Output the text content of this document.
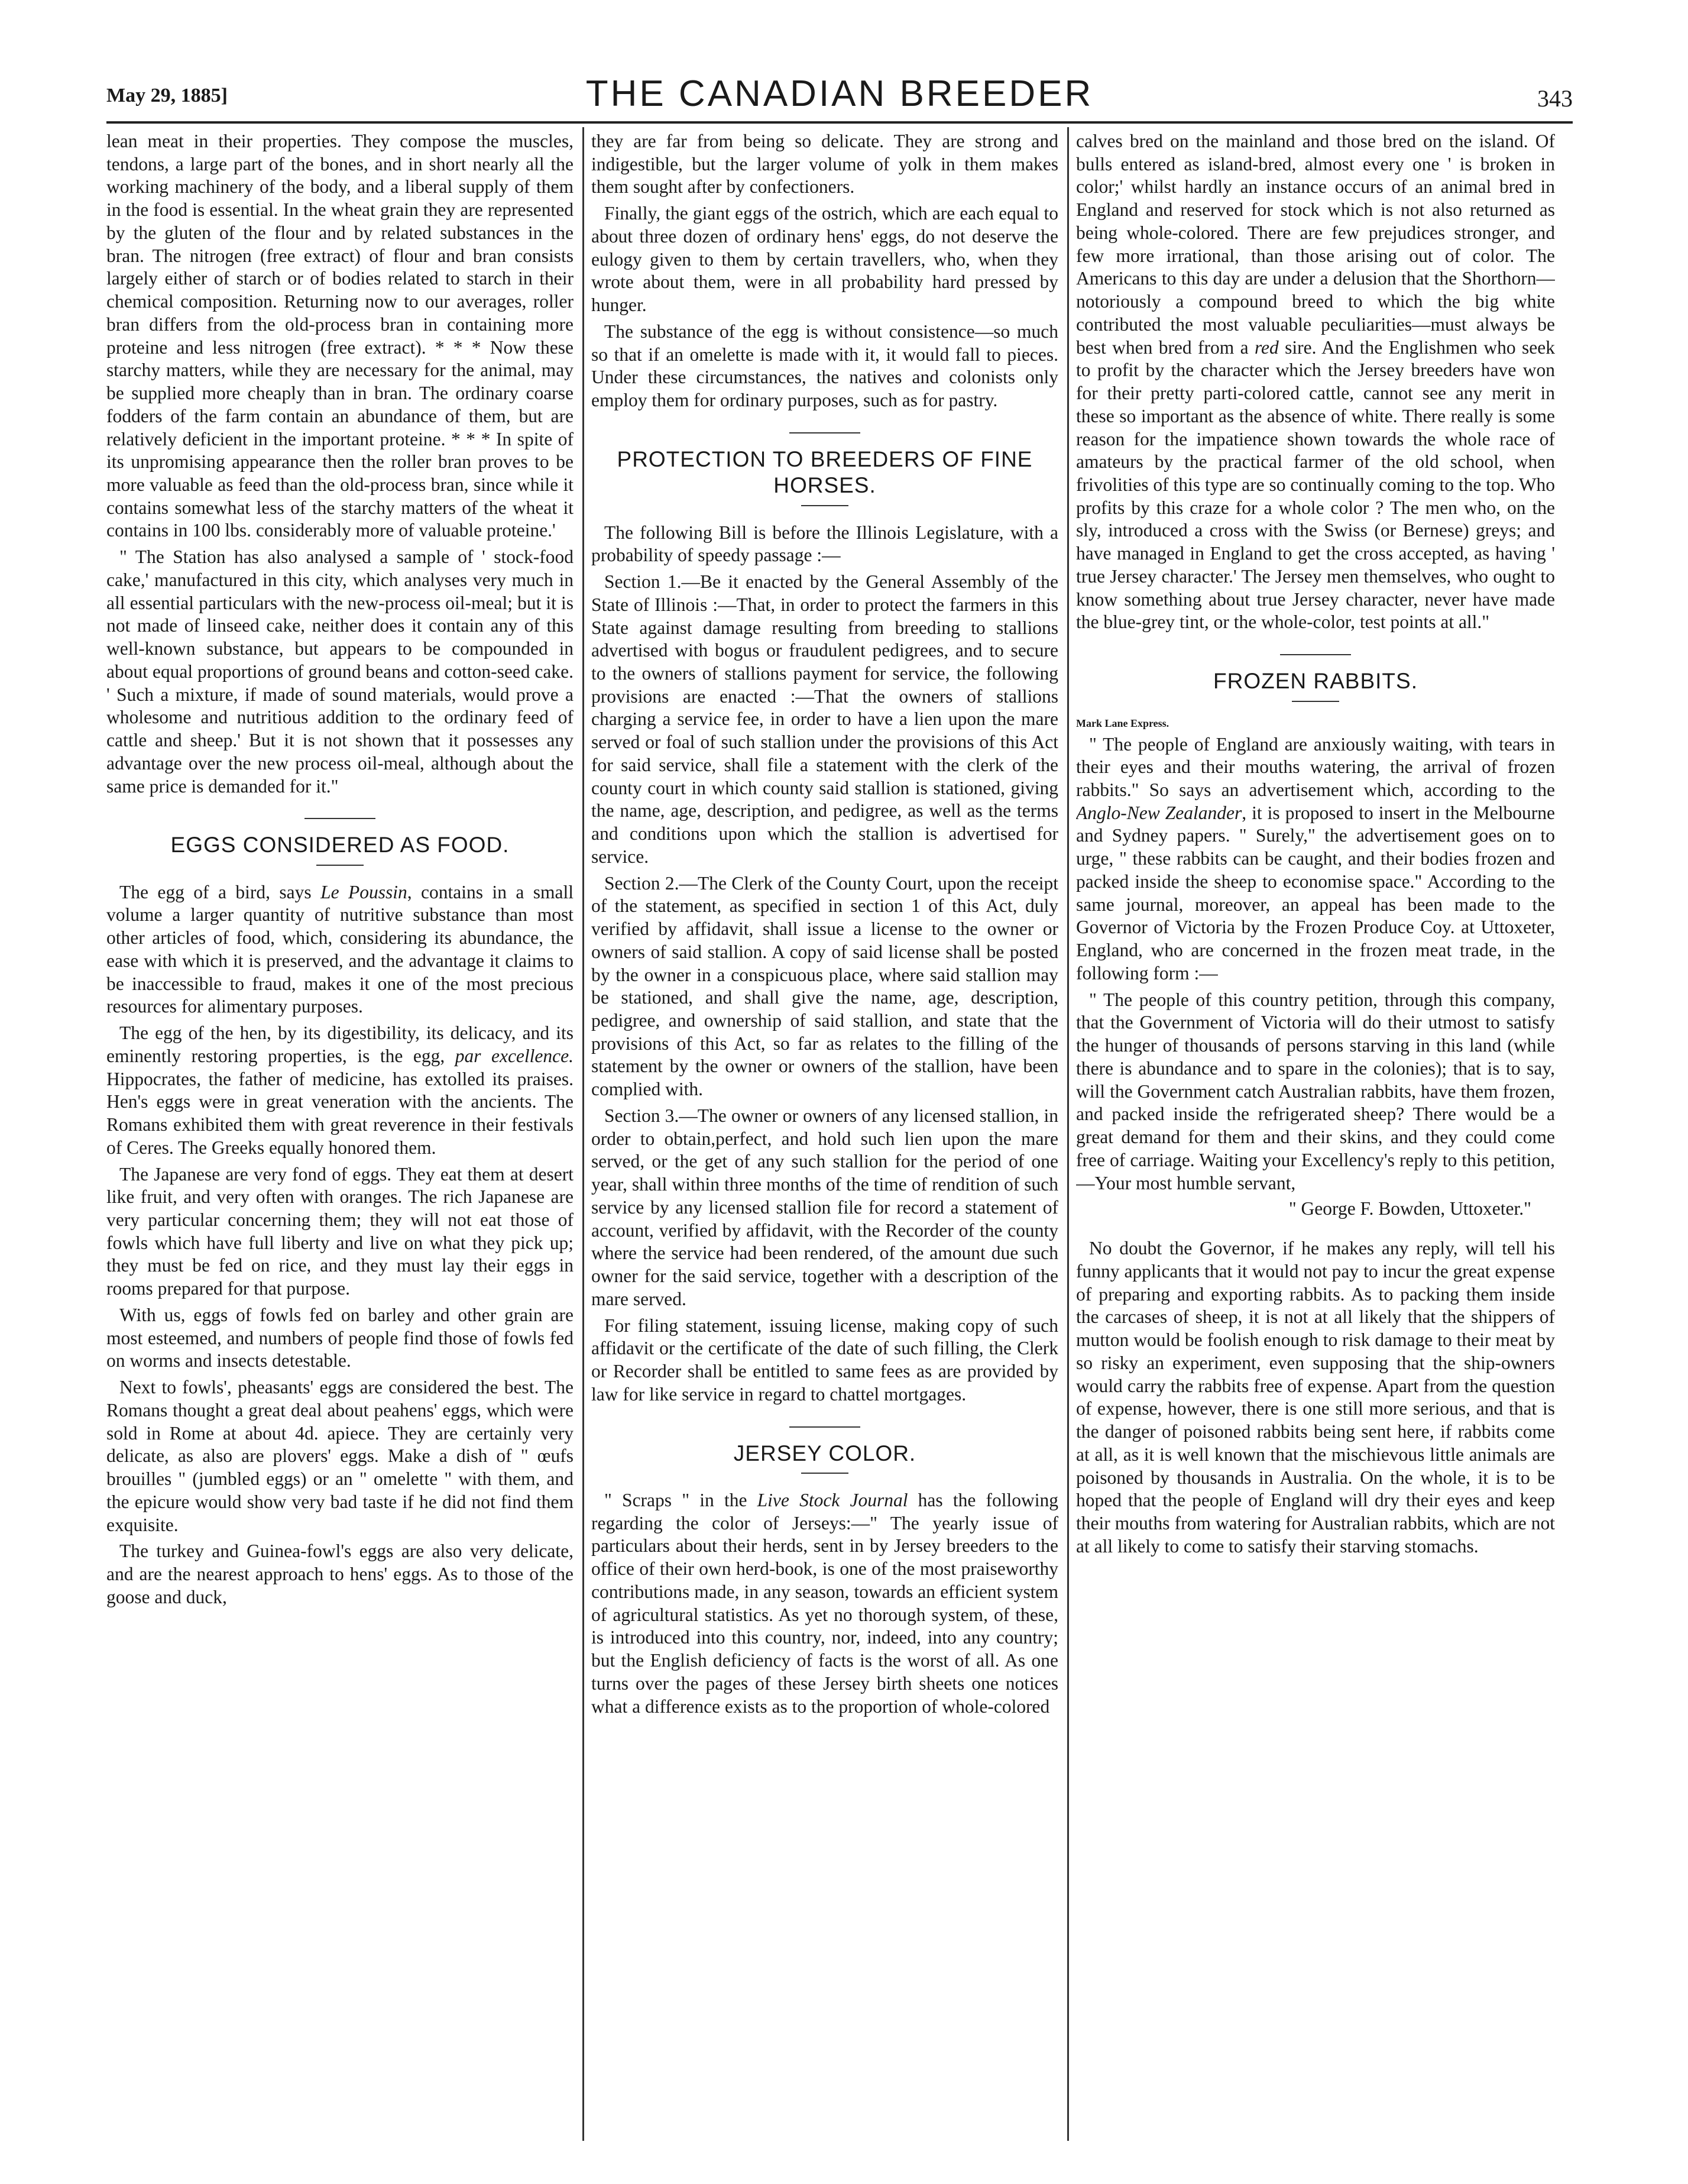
May 29, 1885]	THE CANADIAN BREEDER	343

lean meat in their properties. They compose the muscles, tendons, a large part of the bones, and in short nearly all the working machinery of the body, and a liberal supply of them in the food is essential. In the wheat grain they are represented by the gluten of the flour and by related substances in the bran. The nitrogen (free extract) of flour and bran consists largely either of starch or of bodies related to starch in their chemical composition. Returning now to our averages, roller bran differs from the old-process bran in containing more proteine and less nitrogen (free extract). * * * Now these starchy matters, while they are necessary for the animal, may be supplied more cheaply than in bran. The ordinary coarse fodders of the farm contain an abundance of them, but are relatively deficient in the important proteine. * * * In spite of its unpromising appearance then the roller bran proves to be more valuable as feed than the old-process bran, since while it contains somewhat less of the starchy matters of the wheat it contains in 100 lbs. considerably more of valuable proteine.'

" The Station has also analysed a sample of ' stock-food cake,' manufactured in this city, which analyses very much in all essential particulars with the new-process oil-meal; but it is not made of linseed cake, neither does it contain any of this well-known substance, but appears to be compounded in about equal proportions of ground beans and cotton-seed cake. ' Such a mixture, if made of sound materials, would prove a wholesome and nutritious addition to the ordinary feed of cattle and sheep.' But it is not shown that it possesses any advantage over the new process oil-meal, although about the same price is demanded for it."

EGGS CONSIDERED AS FOOD.

The egg of a bird, says Le Poussin, contains in a small volume a larger quantity of nutritive substance than most other articles of food, which, considering its abundance, the ease with which it is preserved, and the advantage it claims to be inaccessible to fraud, makes it one of the most precious resources for alimentary purposes.

The egg of the hen, by its digestibility, its delicacy, and its eminently restoring properties, is the egg, par excellence. Hippocrates, the father of medicine, has extolled its praises. Hen's eggs were in great veneration with the ancients. The Romans exhibited them with great reverence in their festivals of Ceres. The Greeks equally honored them.

The Japanese are very fond of eggs. They eat them at desert like fruit, and very often with oranges. The rich Japanese are very particular concerning them; they will not eat those of fowls which have full liberty and live on what they pick up; they must be fed on rice, and they must lay their eggs in rooms prepared for that purpose.

With us, eggs of fowls fed on barley and other grain are most esteemed, and numbers of people find those of fowls fed on worms and insects detestable.

Next to fowls', pheasants' eggs are considered the best. The Romans thought a great deal about peahens' eggs, which were sold in Rome at about 4d. apiece. They are certainly very delicate, as also are plovers' eggs. Make a dish of " œufs brouilles " (jumbled eggs) or an " omelette " with them, and the epicure would show very bad taste if he did not find them exquisite.

The turkey and Guinea-fowl's eggs are also very delicate, and are the nearest approach to hens' eggs. As to those of the goose and duck,

they are far from being so delicate. They are strong and indigestible, but the larger volume of yolk in them makes them sought after by confectioners.

Finally, the giant eggs of the ostrich, which are each equal to about three dozen of ordinary hens' eggs, do not deserve the eulogy given to them by certain travellers, who, when they wrote about them, were in all probability hard pressed by hunger.

The substance of the egg is without consistence—so much so that if an omelette is made with it, it would fall to pieces. Under these circumstances, the natives and colonists only employ them for ordinary purposes, such as for pastry.

PROTECTION TO BREEDERS OF FINE HORSES.

The following Bill is before the Illinois Legislature, with a probability of speedy passage :—

Section 1.—Be it enacted by the General Assembly of the State of Illinois :—That, in order to protect the farmers in this State against damage resulting from breeding to stallions advertised with bogus or fraudulent pedigrees, and to secure to the owners of stallions payment for service, the following provisions are enacted :—That the owners of stallions charging a service fee, in order to have a lien upon the mare served or foal of such stallion under the provisions of this Act for said service, shall file a statement with the clerk of the county court in which county said stallion is stationed, giving the name, age, description, and pedigree, as well as the terms and conditions upon which the stallion is advertised for service.

Section 2.—The Clerk of the County Court, upon the receipt of the statement, as specified in section 1 of this Act, duly verified by affidavit, shall issue a license to the owner or owners of said stallion. A copy of said license shall be posted by the owner in a conspicuous place, where said stallion may be stationed, and shall give the name, age, description, pedigree, and ownership of said stallion, and state that the provisions of this Act, so far as relates to the filling of the statement by the owner or owners of the stallion, have been complied with.

Section 3.—The owner or owners of any licensed stallion, in order to obtain,perfect, and hold such lien upon the mare served, or the get of any such stallion for the period of one year, shall within three months of the time of rendition of such service by any licensed stallion file for record a statement of account, verified by affidavit, with the Recorder of the county where the service had been rendered, of the amount due such owner for the said service, together with a description of the mare served.

For filing statement, issuing license, making copy of such affidavit or the certificate of the date of such filling, the Clerk or Recorder shall be entitled to same fees as are provided by law for like service in regard to chattel mortgages.

JERSEY COLOR.

" Scraps " in the Live Stock Journal has the following regarding the color of Jerseys:—" The yearly issue of particulars about their herds, sent in by Jersey breeders to the office of their own herd-book, is one of the most praiseworthy contributions made, in any season, towards an efficient system of agricultural statistics. As yet no thorough system, of these, is introduced into this country, nor, indeed, into any country; but the English deficiency of facts is the worst of all. As one turns over the pages of these Jersey birth sheets one notices what a difference exists as to the proportion of whole-colored

calves bred on the mainland and those bred on the island. Of bulls entered as island-bred, almost every one ' is broken in color;' whilst hardly an instance occurs of an animal bred in England and reserved for stock which is not also returned as being whole-colored. There are few prejudices stronger, and few more irrational, than those arising out of color. The Americans to this day are under a delusion that the Shorthorn—notoriously a compound breed to which the big white contributed the most valuable peculiarities—must always be best when bred from a red sire. And the Englishmen who seek to profit by the character which the Jersey breeders have won for their pretty parti-colored cattle, cannot see any merit in these so important as the absence of white. There really is some reason for the impatience shown towards the whole race of amateurs by the practical farmer of the old school, when frivolities of this type are so continually coming to the top. Who profits by this craze for a whole color ? The men who, on the sly, introduced a cross with the Swiss (or Bernese) greys; and have managed in England to get the cross accepted, as having ' true Jersey character.' The Jersey men themselves, who ought to know something about true Jersey character, never have made the blue-grey tint, or the whole-color, test points at all."

FROZEN RABBITS.
Mark Lane Express.

" The people of England are anxiously waiting, with tears in their eyes and their mouths watering, the arrival of frozen rabbits." So says an advertisement which, according to the Anglo-New Zealander, it is proposed to insert in the Melbourne and Sydney papers. " Surely," the advertisement goes on to urge, " these rabbits can be caught, and their bodies frozen and packed inside the sheep to economise space." According to the same journal, moreover, an appeal has been made to the Governor of Victoria by the Frozen Produce Coy. at Uttoxeter, England, who are concerned in the frozen meat trade, in the following form :—

" The people of this country petition, through this company, that the Government of Victoria will do their utmost to satisfy the hunger of thousands of persons starving in this land (while there is abundance and to spare in the colonies); that is to say, will the Government catch Australian rabbits, have them frozen, and packed inside the refrigerated sheep? There would be a great demand for them and their skins, and they could come free of carriage. Waiting your Excellency's reply to this petition,—Your most humble servant,

" George F. Bowden, Uttoxeter."

No doubt the Governor, if he makes any reply, will tell his funny applicants that it would not pay to incur the great expense of preparing and exporting rabbits. As to packing them inside the carcases of sheep, it is not at all likely that the shippers of mutton would be foolish enough to risk damage to their meat by so risky an experiment, even supposing that the ship-owners would carry the rabbits free of expense. Apart from the question of expense, however, there is one still more serious, and that is the danger of poisoned rabbits being sent here, if rabbits come at all, as it is well known that the mischievous little animals are poisoned by thousands in Australia. On the whole, it is to be hoped that the people of England will dry their eyes and keep their mouths from watering for Australian rabbits, which are not at all likely to come to satisfy their starving stomachs.
